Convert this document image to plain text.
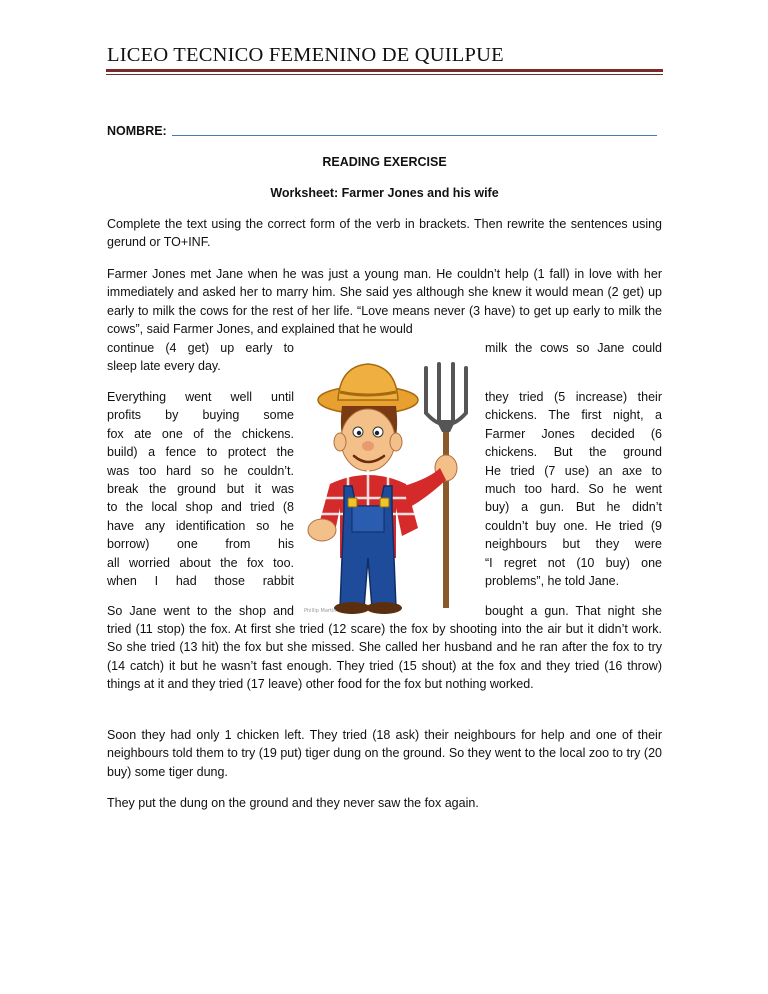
LICEO TECNICO FEMENINO DE QUILPUE
NOMBRE:
READING EXERCISE
Worksheet: Farmer Jones and his wife
Complete the text using the correct form of the verb in brackets. Then rewrite the sentences using gerund or TO+INF.
Farmer Jones met Jane when he was just a young man. He couldn’t help (1 fall) in love with her immediately and asked her to marry him. She said yes although she knew it would mean (2 get) up early to milk the cows for the rest of her life. “Love means never (3 have) to get up early to milk the cows”, said Farmer Jones, and explained that he would
continue (4 get) up early to	milk the cows so Jane could
sleep late every day.
Everything went well until
profits by buying some
fox ate one of the chickens.
build) a fence to protect the
was too hard so he couldn’t.
break the ground but it was
to the local shop and tried (8
have any identification so he
borrow) one from his
all worried about the fox too.
when I had those rabbit
they tried (5 increase) their
chickens. The first night, a
Farmer Jones decided (6
chickens. But the ground
He tried (7 use) an axe to
much too hard. So he went
buy) a gun. But he didn’t
couldn’t buy one. He tried (9
neighbours but they were
“I regret not (10 buy) one
problems”, he told Jane.
Phillip Martin
So Jane went to the shop and	bought a gun. That night she
tried (11 stop) the fox. At first she tried (12 scare) the fox by shooting into the air but it didn’t work. So she tried (13 hit) the fox but she missed. She called her husband and he ran after the fox to try (14 catch) it but he wasn’t fast enough. They tried (15 shout) at the fox and they tried (16 throw) things at it and they tried (17 leave) other food for the fox but nothing worked.
Soon they had only 1 chicken left. They tried (18 ask) their neighbours for help and one of their neighbours told them to try (19 put) tiger dung on the ground. So they went to the local zoo to try (20 buy) some tiger dung.
They put the dung on the ground and they never saw the fox again.
